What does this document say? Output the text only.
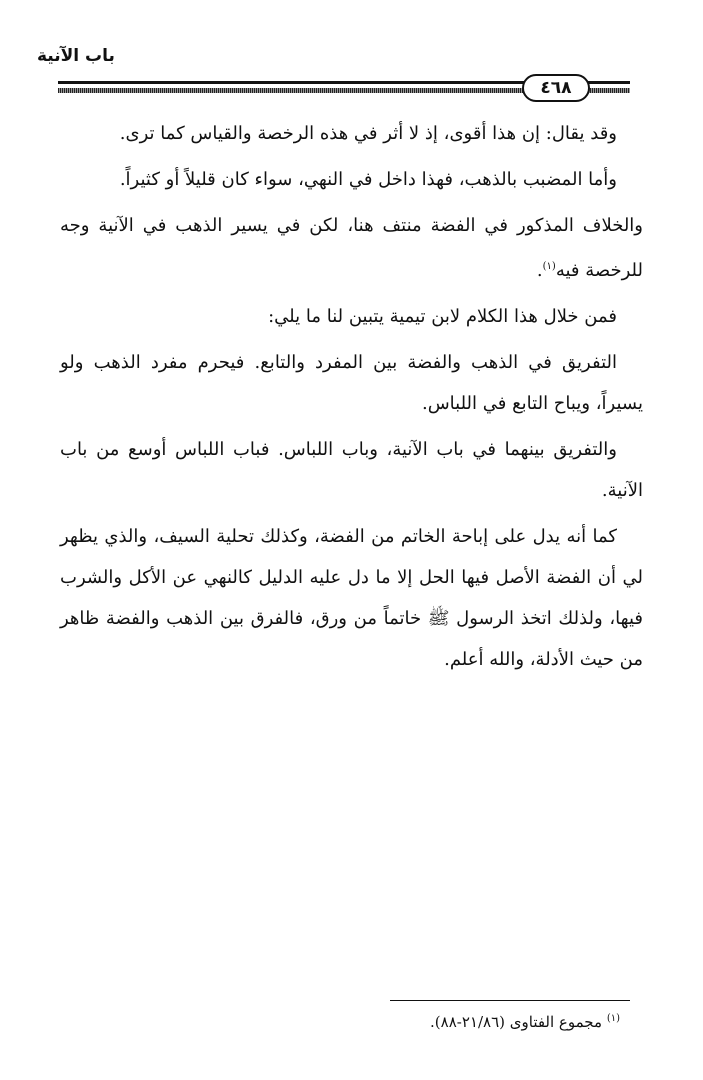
باب الآنية
٤٦٨

وقد يقال: إن هذا أقوى، إذ لا أثر في هذه الرخصة والقياس كما ترى.

وأما المضبب بالذهب، فهذا داخل في النهي، سواء كان قليلاً أو كثيراً.

والخلاف المذكور في الفضة منتف هنا، لكن في يسير الذهب في الآنية وجه للرخصة فيه$^{(١)}$.

فمن خلال هذا الكلام لابن تيمية يتبين لنا ما يلي:

التفريق في الذهب والفضة بين المفرد والتابع. فيحرم مفرد الذهب ولو يسيراً، ويباح التابع في اللباس.

والتفريق بينهما في باب الآنية، وباب اللباس. فباب اللباس أوسع من باب الآنية.

كما أنه يدل على إباحة الخاتم من الفضة، وكذلك تحلية السيف، والذي يظهر لي أن الفضة الأصل فيها الحل إلا ما دل عليه الدليل كالنهي عن الأكل والشرب فيها، ولذلك اتخذ الرسول ﷺ خاتماً من ورق، فالفرق بين الذهب والفضة ظاهر من حيث الأدلة، والله أعلم.

$^{(١)}$ مجموع الفتاوى (٢١/٨٦-٨٨).
